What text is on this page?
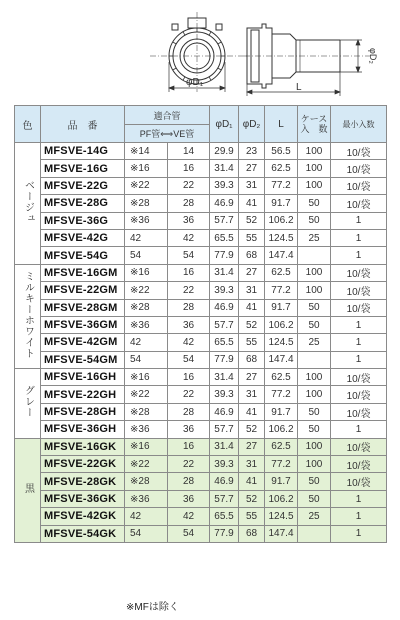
φD₁
φD₂
L
色	品　番	適合管		φD₁	φD₂	L	ケース入　数	最小入数
		PF管⟺VE管						
ベージュ	MFSVE-14G	※14	14	29.9	23	56.5	100	10/袋
	MFSVE-16G	※16	16	31.4	27	62.5	100	10/袋
	MFSVE-22G	※22	22	39.3	31	77.2	100	10/袋
	MFSVE-28G	※28	28	46.9	41	91.7	50	10/袋
	MFSVE-36G	※36	36	57.7	52	106.2	50	1
	MFSVE-42G	42	42	65.5	55	124.5	25	1
	MFSVE-54G	54	54	77.9	68	147.4		1
ミルキーホワイト	MFSVE-16GM	※16	16	31.4	27	62.5	100	10/袋
	MFSVE-22GM	※22	22	39.3	31	77.2	100	10/袋
	MFSVE-28GM	※28	28	46.9	41	91.7	50	10/袋
	MFSVE-36GM	※36	36	57.7	52	106.2	50	1
	MFSVE-42GM	42	42	65.5	55	124.5	25	1
	MFSVE-54GM	54	54	77.9	68	147.4		1
グレー	MFSVE-16GH	※16	16	31.4	27	62.5	100	10/袋
	MFSVE-22GH	※22	22	39.3	31	77.2	100	10/袋
	MFSVE-28GH	※28	28	46.9	41	91.7	50	10/袋
	MFSVE-36GH	※36	36	57.7	52	106.2	50	1
黒	MFSVE-16GK	※16	16	31.4	27	62.5	100	10/袋
	MFSVE-22GK	※22	22	39.3	31	77.2	100	10/袋
	MFSVE-28GK	※28	28	46.9	41	91.7	50	10/袋
	MFSVE-36GK	※36	36	57.7	52	106.2	50	1
	MFSVE-42GK	42	42	65.5	55	124.5	25	1
	MFSVE-54GK	54	54	77.9	68	147.4		1
※MFは除く
